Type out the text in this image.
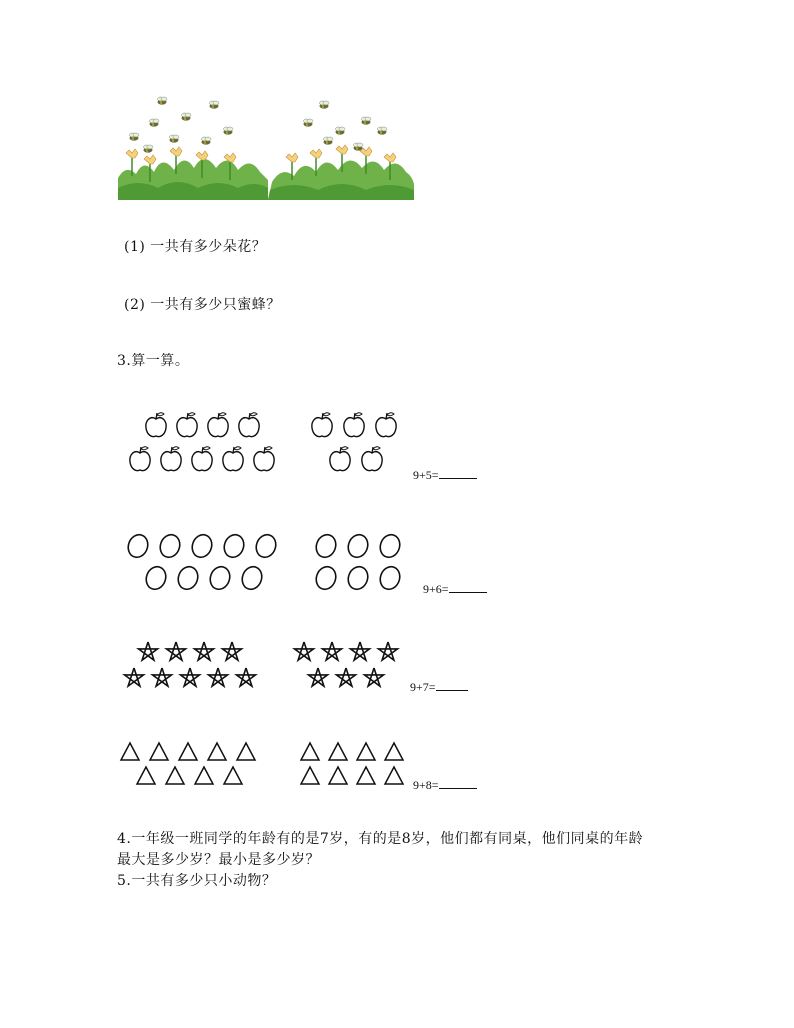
(1) 一共有多少朵花？
(2) 一共有多少只蜜蜂？
3.算一算。
9+5=
9+6=
9+7=
9+8=
4.一年级一班同学的年龄有的是7岁，有的是8岁，他们都有同桌，他们同桌的年龄
最大是多少岁？最小是多少岁？
5.一共有多少只小动物？
